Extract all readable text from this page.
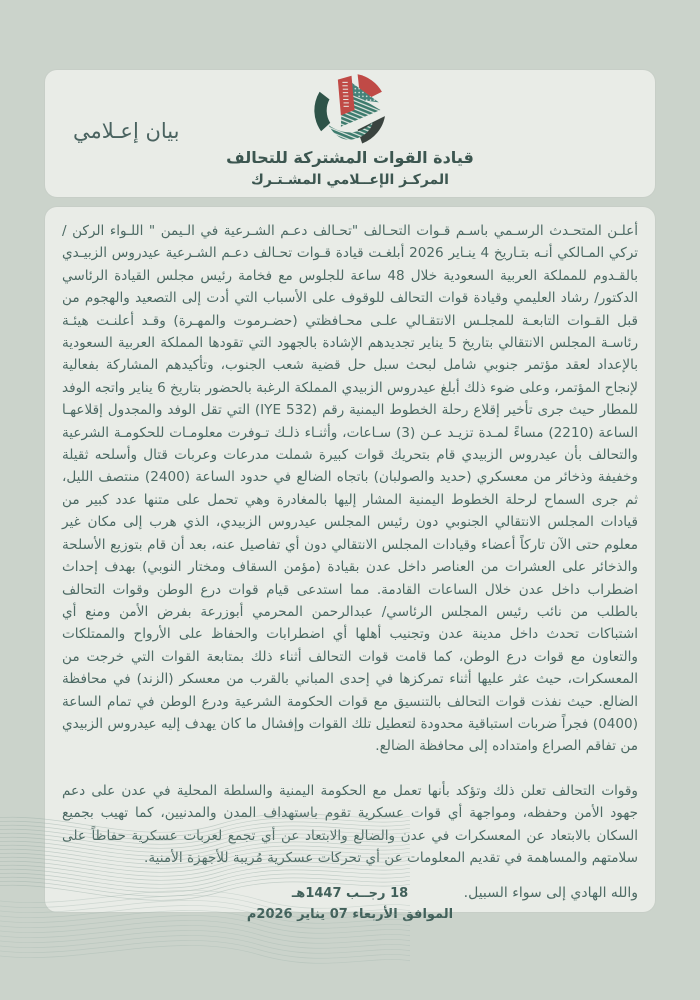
قيادة القوات المشتركة للتحالف
المركـز الإعــلامي المشـتـرك
بيان إعـلامي

أعلـن المتحـدث الرسـمي باسـم قـوات التحـالف "تحـالف دعـم الشـرعية في الـيمن " اللـواء الركن / تركي المـالكي أنـه بتـاريخ 4 ينـاير 2026 أبلغـت قيادة قـوات تحـالف دعـم الشـرعية عيدروس الزبيـدي بالقـدوم للمملكة العربية السعودية خلال 48 ساعة للجلوس مع فخامة رئيس مجلس القيادة الرئاسي الدكتور/ رشاد العليمي وقيادة قوات التحالف للوقوف على الأسباب التي أدت إلى التصعيد والهجوم من قبل القـوات التابعـة للمجلـس الانتقـالي علـى محـافظتي (حضـرموت والمهـرة) وقـد أعلنـت هيئـة رئاسـة المجلس الانتقالي بتاريخ 5 يناير تجديدهم الإشادة بالجهود التي تقودها المملكة العربية السعودية بالإعداد لعقد مؤتمر جنوبي شامل لبحث سبل حل قضية شعب الجنوب، وتأكيدهم المشاركة بفعالية لإنجاح المؤتمر، وعلى ضوء ذلك أبلغ عيدروس الزبيدي المملكة الرغبة بالحضور بتاريخ 6 يناير واتجه الوفد للمطار حيث جرى تأخير إقلاع رحلة الخطوط اليمنية رقم (IYE 532) التي تقل الوفد والمجدول إقلاعهـا الساعة (2210) مساءً لمـدة تزيـد عـن (3) سـاعات، وأثنـاء ذلـك تـوفرت معلومـات للحكومـة الشرعية والتحالف بأن عيدروس الزبيدي قام بتحريك قوات كبيرة شملت مدرعات وعربات قتال وأسلحه ثقيلة وخفيفة وذخائر من معسكري (حديد والصولبان) باتجاه الضالع في حدود الساعة (2400) منتصف الليل، ثم جرى السماح لرحلة الخطوط اليمنية المشار إليها بالمغادرة وهي تحمل على متنها عدد كبير من قيادات المجلس الانتقالي الجنوبي دون رئيس المجلس عيدروس الزبيدي، الذي هرب إلى مكان غير معلوم حتى الآن تاركاً أعضاء وقيادات المجلس الانتقالي دون أي تفاصيل عنه، بعد أن قام بتوزيع الأسلحة والذخائر على العشرات من العناصر داخل عدن بقيادة (مؤمن السقاف ومختار النوبي) بهدف إحداث اضطراب داخل عدن خلال الساعات القادمة. مما استدعى قيام قوات درع الوطن وقوات التحالف بالطلب من نائب رئيس المجلس الرئاسي/ عبدالرحمن المحرمي أبوزرعة بفرض الأمن ومنع أي اشتباكات تحدث داخل مدينة عدن وتجنيب أهلها أي اضطرابات والحفاظ على الأرواح والممتلكات والتعاون مع قوات درع الوطن، كما قامت قوات التحالف أثناء ذلك بمتابعة القوات التي خرجت من المعسكرات، حيث عثر عليها أثناء تمركزها في إحدى المباني بالقرب من معسكر (الزند) في محافظة الضالع. حيث نفذت قوات التحالف بالتنسيق مع قوات الحكومة الشرعية ودرع الوطن في تمام الساعة (0400) فجراً ضربات استباقية محدودة لتعطيل تلك القوات وإفشال ما كان يهدف إليه عيدروس الزبيدي من تفاقم الصراع وامتداده إلى محافظة الضالع.

وقوات التحالف تعلن ذلك وتؤكد بأنها تعمل مع الحكومة اليمنية والسلطة المحلية في عدن على دعم جهود الأمن وحفظه، ومواجهة أي قوات عسكرية تقوم باستهداف المدن والمدنيين، كما تهيب بجميع السكان بالابتعاد عن المعسكرات في عدن والضالع والابتعاد عن أي تجمع لعربات عسكرية حفاظاً على سلامتهم والمساهمة في تقديم المعلومات عن أي تحركات عسكرية مُريبة للأجهزة الأمنية.

والله الهادي إلى سواء السبيل.
18 رجــب 1447هـ
الموافق الأربعاء 07 يناير 2026م
